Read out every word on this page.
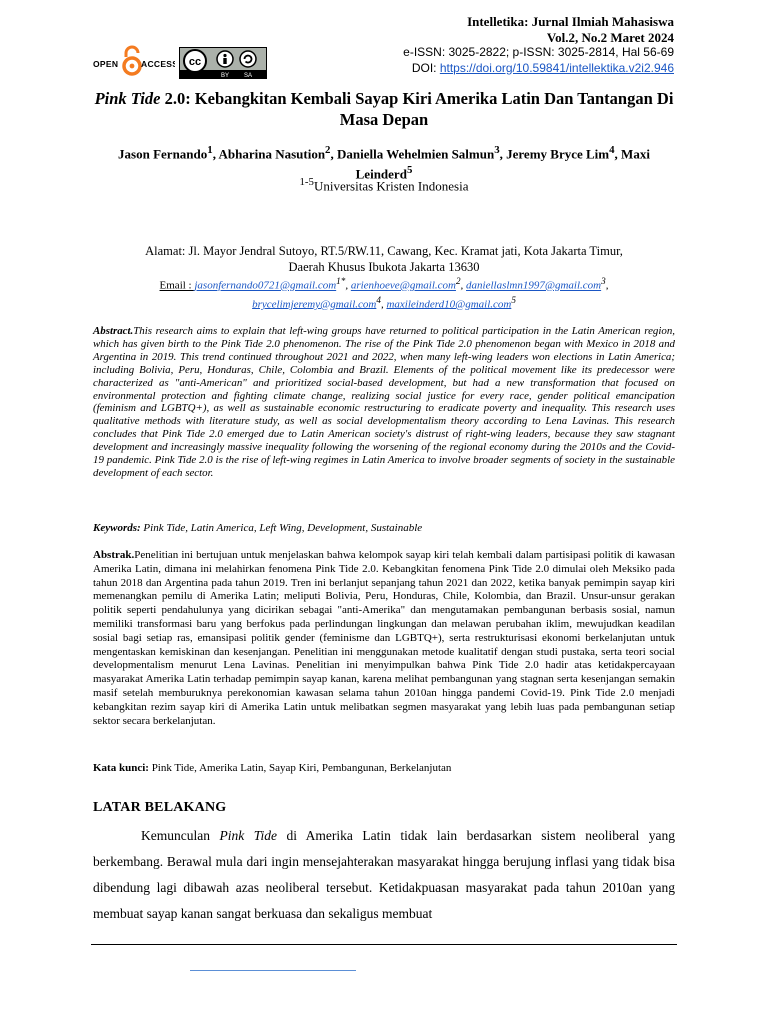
Intelletika: Jurnal Ilmiah Mahasiswa
Vol.2, No.2 Maret 2024
e-ISSN: 3025-2822; p-ISSN: 3025-2814, Hal 56-69
DOI: https://doi.org/10.59841/intellektika.v2i2.946
OPEN	ACCESS cc
BY SA
Pink Tide 2.0: Kebangkitan Kembali Sayap Kiri Amerika Latin Dan Tantangan Di Masa Depan
Jason Fernando$^1$, Abharina Nasution$^2$, Daniella Wehelmien Salmun$^3$, Jeremy Bryce Lim$^4$, Maxi Leinderd$^5$
$^{1-5}$Universitas Kristen Indonesia
Alamat: Jl. Mayor Jendral Sutoyo, RT.5/RW.11, Cawang, Kec. Kramat jati, Kota Jakarta Timur,
Daerah Khusus Ibukota Jakarta 13630
Email : jasonfernando0721@gmail.com$^{1*}$, arienhoeve@gmail.com$^2$, daniellaslmn1997@gmail.com$^3$,
brycelimjeremy@gmail.com$^4$, maxileinderd10@gmail.com$^5$
Abstract.This research aims to explain that left-wing groups have returned to political participation in the Latin American region, which has given birth to the Pink Tide 2.0 phenomenon. The rise of the Pink Tide 2.0 phenomenon began with Mexico in 2018 and Argentina in 2019. This trend continued throughout 2021 and 2022, when many left-wing leaders won elections in Latin America; including Bolivia, Peru, Honduras, Chile, Colombia and Brazil. Elements of the political movement like its predecessor were characterized as "anti-American" and prioritized social-based development, but had a new transformation that focused on environmental protection and fighting climate change, realizing social justice for every race, gender political emancipation (feminism and LGBTQ+), as well as sustainable economic restructuring to eradicate poverty and inequality. This research uses qualitative methods with literature study, as well as social developmentalism theory according to Lena Lavinas. This research concludes that Pink Tide 2.0 emerged due to Latin American society's distrust of right-wing leaders, because they saw stagnant development and increasingly massive inequality following the worsening of the regional economy during the 2010s and the Covid-19 pandemic. Pink Tide 2.0 is the rise of left-wing regimes in Latin America to involve broader segments of society in the sustainable development of each sector.
Keywords: Pink Tide, Latin America, Left Wing, Development, Sustainable
Abstrak.Penelitian ini bertujuan untuk menjelaskan bahwa kelompok sayap kiri telah kembali dalam partisipasi politik di kawasan Amerika Latin, dimana ini melahirkan fenomena Pink Tide 2.0. Kebangkitan fenomena Pink Tide 2.0 dimulai oleh Meksiko pada tahun 2018 dan Argentina pada tahun 2019. Tren ini berlanjut sepanjang tahun 2021 dan 2022, ketika banyak pemimpin sayap kiri memenangkan pemilu di Amerika Latin; meliputi Bolivia, Peru, Honduras, Chile, Kolombia, dan Brazil. Unsur-unsur gerakan politik seperti pendahulunya yang dicirikan sebagai "anti-Amerika" dan mengutamakan pembangunan berbasis sosial, namun memiliki transformasi baru yang berfokus pada perlindungan lingkungan dan melawan perubahan iklim, mewujudkan keadilan sosial bagi setiap ras, emansipasi politik gender (feminisme dan LGBTQ+), serta restrukturisasi ekonomi berkelanjutan untuk mengentaskan kemiskinan dan kesenjangan. Penelitian ini menggunakan metode kualitatif dengan studi pustaka, serta teori social developmentalism menurut Lena Lavinas. Penelitian ini menyimpulkan bahwa Pink Tide 2.0 hadir atas ketidakpercayaan masyarakat Amerika Latin terhadap pemimpin sayap kanan, karena melihat pembangunan yang stagnan serta kesenjangan semakin masif setelah memburuknya perekonomian kawasan selama tahun 2010an hingga pandemi Covid-19. Pink Tide 2.0 menjadi kebangkitan rezim sayap kiri di Amerika Latin untuk melibatkan segmen masyarakat yang lebih luas pada pembangunan setiap sektor secara berkelanjutan.
Kata kunci: Pink Tide, Amerika Latin, Sayap Kiri, Pembangunan, Berkelanjutan
LATAR BELAKANG
Kemunculan Pink Tide di Amerika Latin tidak lain berdasarkan sistem neoliberal yang berkembang. Berawal mula dari ingin mensejahterakan masyarakat hingga berujung inflasi yang tidak bisa dibendung lagi dibawah azas neoliberal tersebut. Ketidakpuasan masyarakat pada tahun 2010an yang membuat sayap kanan sangat berkuasa dan sekaligus membuat
